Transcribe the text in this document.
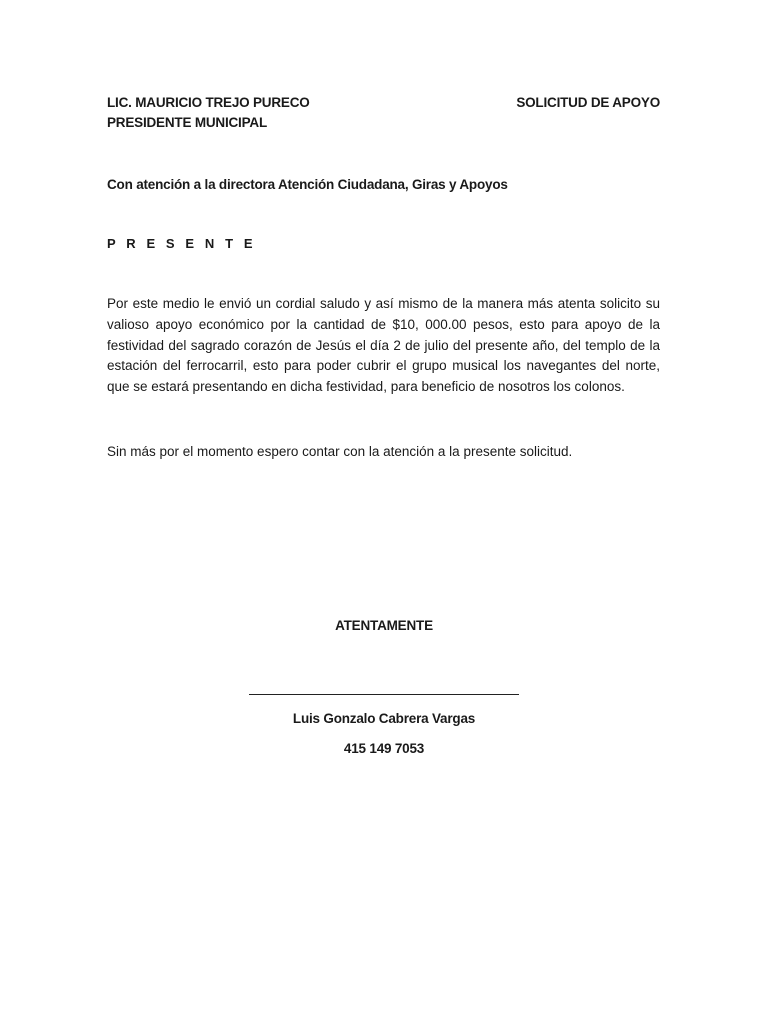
LIC. MAURICIO TREJO PURECO
PRESIDENTE MUNICIPAL
SOLICITUD DE APOYO
Con atención a la directora Atención Ciudadana, Giras y Apoyos
P R E S E N T E

Por este medio le envió un cordial saludo y así mismo de la manera más atenta solicito su valioso apoyo económico por la cantidad de $10, 000.00 pesos, esto para apoyo de la festividad del sagrado corazón de Jesús el día 2 de julio del presente año, del templo de la estación del ferrocarril, esto para poder cubrir el grupo musical los navegantes del norte, que se estará presentando en dicha festividad, para beneficio de nosotros los colonos.

Sin más por el momento espero contar con la atención a la presente solicitud.

ATENTAMENTE
Luis Gonzalo Cabrera Vargas
415 149 7053
